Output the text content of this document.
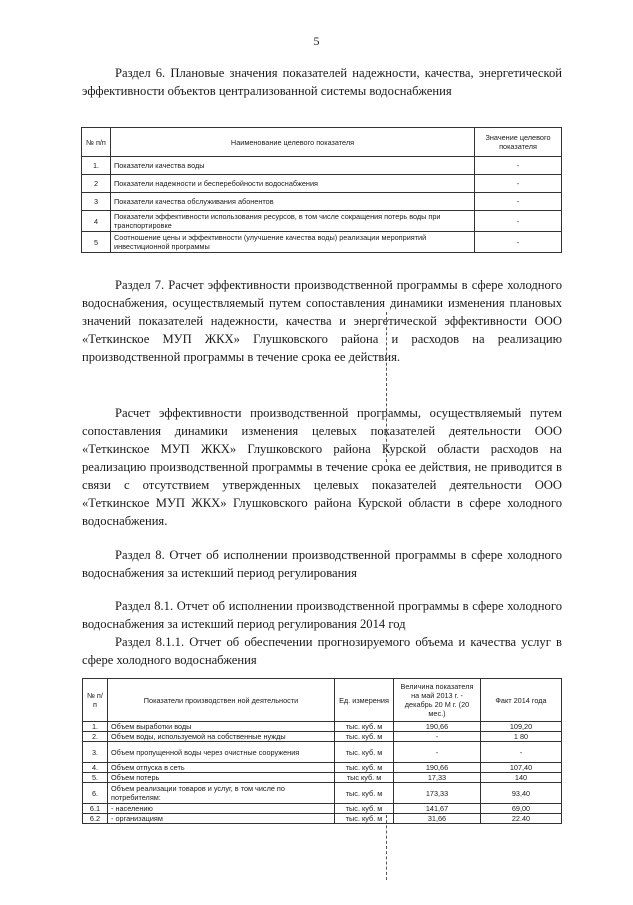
5

Раздел 6. Плановые значения показателей надежности, качества, энергетической эффективности объектов централизованной системы водоснабжения

№ п/п	Наименование целевого показателя	Значение целевого показателя
1.	Показатели качества воды	-
2	Показатели надежности и бесперебойности водоснабжения	-
3	Показатели качества обслуживания абонентов	-
4	Показатели эффективности использования ресурсов, в том числе сокращения потерь воды при транспортировке	-
5	Соотношение цены и эффективности (улучшение качества воды) реализации мероприятий инвестиционной программы	-

Раздел 7. Расчет эффективности производственной программы в сфере холодного водоснабжения, осуществляемый путем сопоставления динамики изменения плановых значений показателей надежности, качества и энергетической эффективности ООО «Теткинское МУП ЖКХ» Глушковского района и расходов на реализацию производственной программы в течение срока ее действия.

Расчет эффективности производственной программы, осуществляемый путем сопоставления динамики изменения целевых показателей деятельности ООО «Теткинское МУП ЖКХ» Глушковского района Курской области расходов на реализацию производственной программы в течение срока ее действия, не приводится в связи с отсутствием утвержденных целевых показателей деятельности ООО «Теткинское МУП ЖКХ» Глушковского района Курской области в сфере холодного водоснабжения.

Раздел 8. Отчет об исполнении производственной программы в сфере холодного водоснабжения за истекший период регулирования

Раздел 8.1. Отчет об исполнении производственной программы в сфере холодного водоснабжения за истекший период регулирования 2014 год

Раздел 8.1.1. Отчет об обеспечении прогнозируемого объема и качества услуг в сфере холодного водоснабжения

№ п/п	Показатели производствен ной деятельности	Ед. измерения	Величина показателя на май 2013 г. - декабрь 20 М г. (20 мес.)	Факт 2014 года
1.	Объем выработки воды	тыс. куб. м	190,66	109,20
2.	Объем воды, используемой на собственные нужды	тыс. куб. м	-	1 80
3.	Объем пропущенной воды через очистные сооружения	тыс. куб. м	-	-
4.	Объем отпуска в сеть	тыс. куб. м	190,66	107,40
5.	Объем потерь	тыс куб. м	17,33	140
6.	Объем реализации товаров и услуг, в том числе по потребителям:	тыс. куб. м	173,33	93,40
6.1	- населению	тыс. куб. м	141,67	69,00
6.2	- организациям	тыс. куб. м	31,66	22.40
